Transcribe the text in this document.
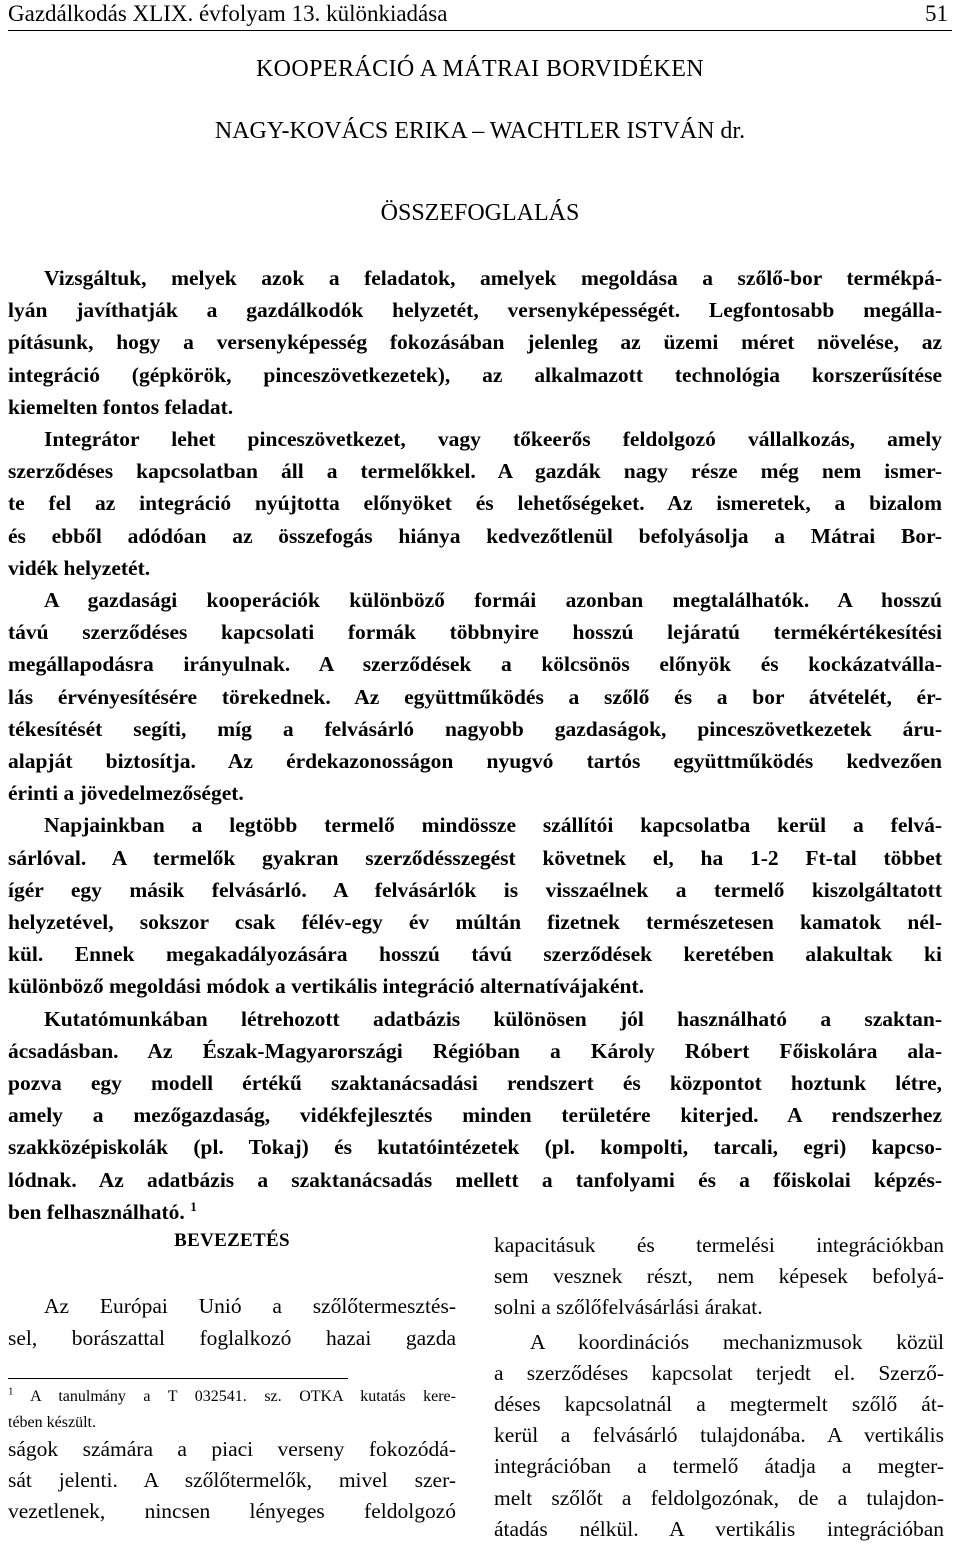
Gazdálkodás XLIX. évfolyam 13. különkiadása	51
KOOPERÁCIÓ A MÁTRAI BORVIDÉKEN
NAGY-KOVÁCS ERIKA – WACHTLER ISTVÁN dr.
ÖSSZEFOGLALÁS
Vizsgáltuk, melyek azok a feladatok, amelyek megoldása a szőlő-bor termékpá-
lyán javíthatják a gazdálkodók helyzetét, versenyképességét. Legfontosabb megálla-
pításunk, hogy a versenyképesség fokozásában jelenleg az üzemi méret növelése, az
integráció (gépkörök, pinceszövetkezetek), az alkalmazott technológia korszerűsítése
kiemelten fontos feladat.
Integrátor lehet pinceszövetkezet, vagy tőkeerős feldolgozó vállalkozás, amely
szerződéses kapcsolatban áll a termelőkkel. A gazdák nagy része még nem ismer-
te fel az integráció nyújtotta előnyöket és lehetőségeket. Az ismeretek, a bizalom
és ebből adódóan az összefogás hiánya kedvezőtlenül befolyásolja a Mátrai Bor-
vidék helyzetét.
A gazdasági kooperációk különböző formái azonban megtalálhatók. A hosszú
távú szerződéses kapcsolati formák többnyire hosszú lejáratú termékértékesítési
megállapodásra irányulnak. A szerződések a kölcsönös előnyök és kockázatválla-
lás érvényesítésére törekednek. Az együttműködés a szőlő és a bor átvételét, ér-
tékesítését segíti, míg a felvásárló nagyobb gazdaságok, pinceszövetkezetek áru-
alapját biztosítja. Az érdekazonosságon nyugvó tartós együttműködés kedvezően
érinti a jövedelmezőséget.
Napjainkban a legtöbb termelő mindössze szállítói kapcsolatba kerül a felvá-
sárlóval. A termelők gyakran szerződésszegést követnek el, ha 1-2 Ft-tal többet
ígér egy másik felvásárló. A felvásárlók is visszaélnek a termelő kiszolgáltatott
helyzetével, sokszor csak félév-egy év múltán fizetnek természetesen kamatok nél-
kül. Ennek megakadályozására hosszú távú szerződések keretében alakultak ki
különböző megoldási módok a vertikális integráció alternatívájaként.
Kutatómunkában létrehozott adatbázis különösen jól használható a szaktan-
ácsadásban. Az Észak-Magyarországi Régióban a Károly Róbert Főiskolára ala-
pozva egy modell értékű szaktanácsadási rendszert és központot hoztunk létre,
amely a mezőgazdaság, vidékfejlesztés minden területére kiterjed. A rendszerhez
szakközépiskolák (pl. Tokaj) és kutatóintézetek (pl. kompolti, tarcali, egri) kapcso-
lódnak. Az adatbázis a szaktanácsadás mellett a tanfolyami és a főiskolai képzés-
ben felhasználható. $^1$
BEVEZETÉS
Az Európai Unió a szőlőtermesztés-
sel, borászattal foglalkozó hazai gazda
$^1$ A tanulmány a T 032541. sz. OTKA kutatás kere-
tében készült.
ságok számára a piaci verseny fokozódá-
sát jelenti. A szőlőtermelők, mivel szer-
vezetlenek, nincsen lényeges feldolgozó
kapacitásuk és termelési integrációkban
sem vesznek részt, nem képesek befolyá-
solni a szőlőfelvásárlási árakat.
A koordinációs mechanizmusok közül
a szerződéses kapcsolat terjedt el. Szerző-
déses kapcsolatnál a megtermelt szőlő át-
kerül a felvásárló tulajdonába. A vertikális
integrációban a termelő átadja a megter-
melt szőlőt a feldolgozónak, de a tulajdon-
átadás nélkül. A vertikális integrációban
